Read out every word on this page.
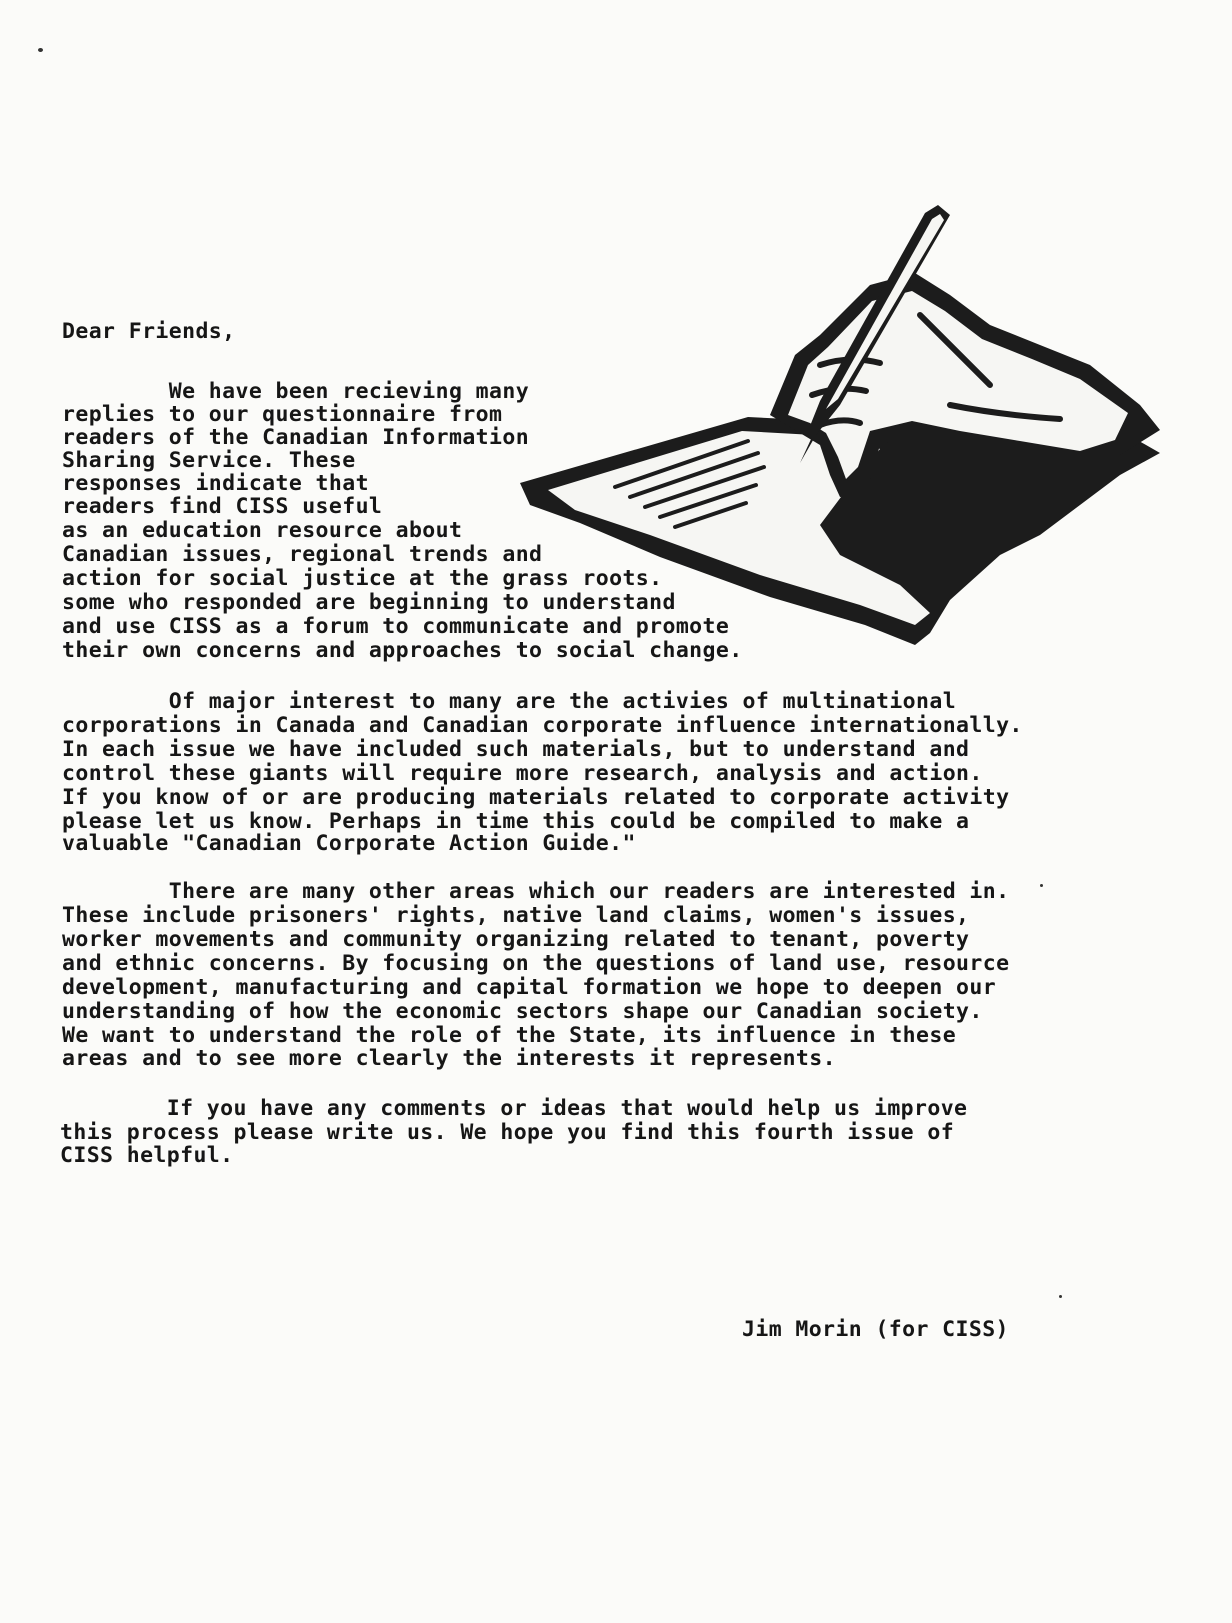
Dear Friends,
We have been recieving many
replies to our questionnaire from
readers of the Canadian Information
Sharing Service. These
responses indicate that
readers find CISS useful
as an education resource about
Canadian issues, regional trends and
action for social justice at the grass roots.
some who responded are beginning to understand
and use CISS as a forum to communicate and promote
their own concerns and approaches to social change.
Of major interest to many are the activies of multinational
corporations in Canada and Canadian corporate influence internationally.
In each issue we have included such materials, but to understand and
control these giants will require more research, analysis and action.
If you know of or are producing materials related to corporate activity
please let us know. Perhaps in time this could be compiled to make a
valuable "Canadian Corporate Action Guide."
There are many other areas which our readers are interested in.
These include prisoners' rights, native land claims, women's issues,
worker movements and community organizing related to tenant, poverty
and ethnic concerns. By focusing on the questions of land use, resource
development, manufacturing and capital formation we hope to deepen our
understanding of how the economic sectors shape our Canadian society.
We want to understand the role of the State, its influence in these
areas and to see more clearly the interests it represents.
If you have any comments or ideas that would help us improve
this process please write us. We hope you find this fourth issue of
CISS helpful.
Jim Morin (for CISS)
